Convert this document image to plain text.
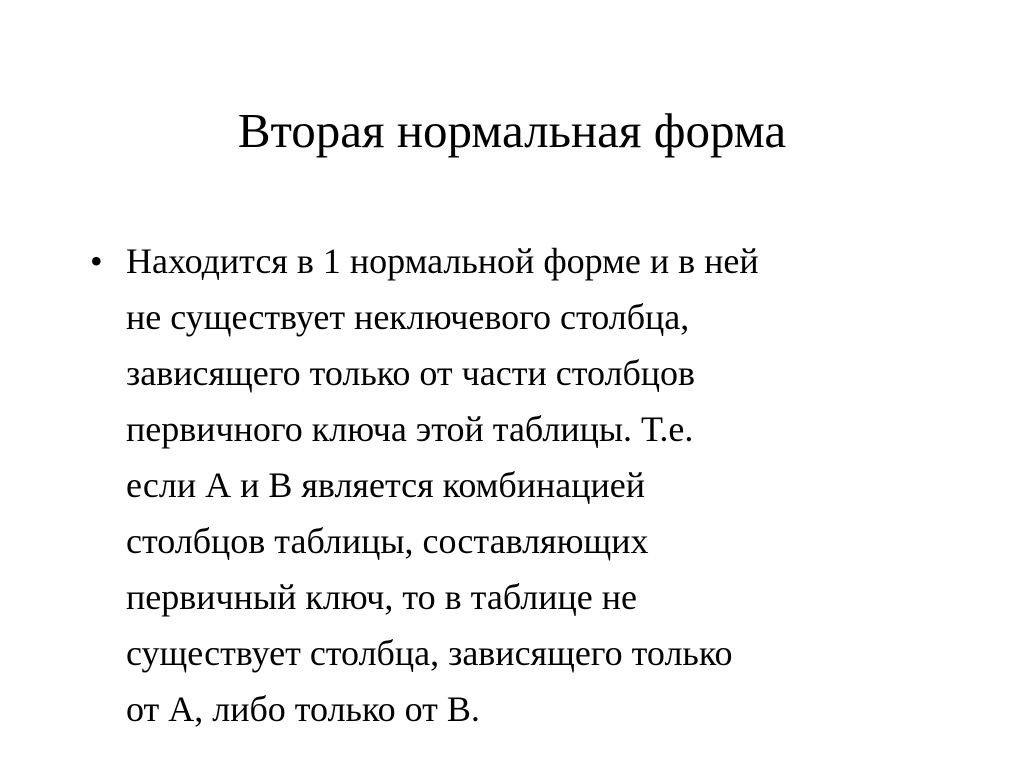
Вторая нормальная форма
• Находится в 1 нормальной форме и в ней
не существует неключевого столбца,
зависящего только от части столбцов
первичного ключа этой таблицы. Т.е.
если А и В является комбинацией
столбцов таблицы, составляющих
первичный ключ, то в таблице не
существует столбца, зависящего только
от А, либо только от В.
